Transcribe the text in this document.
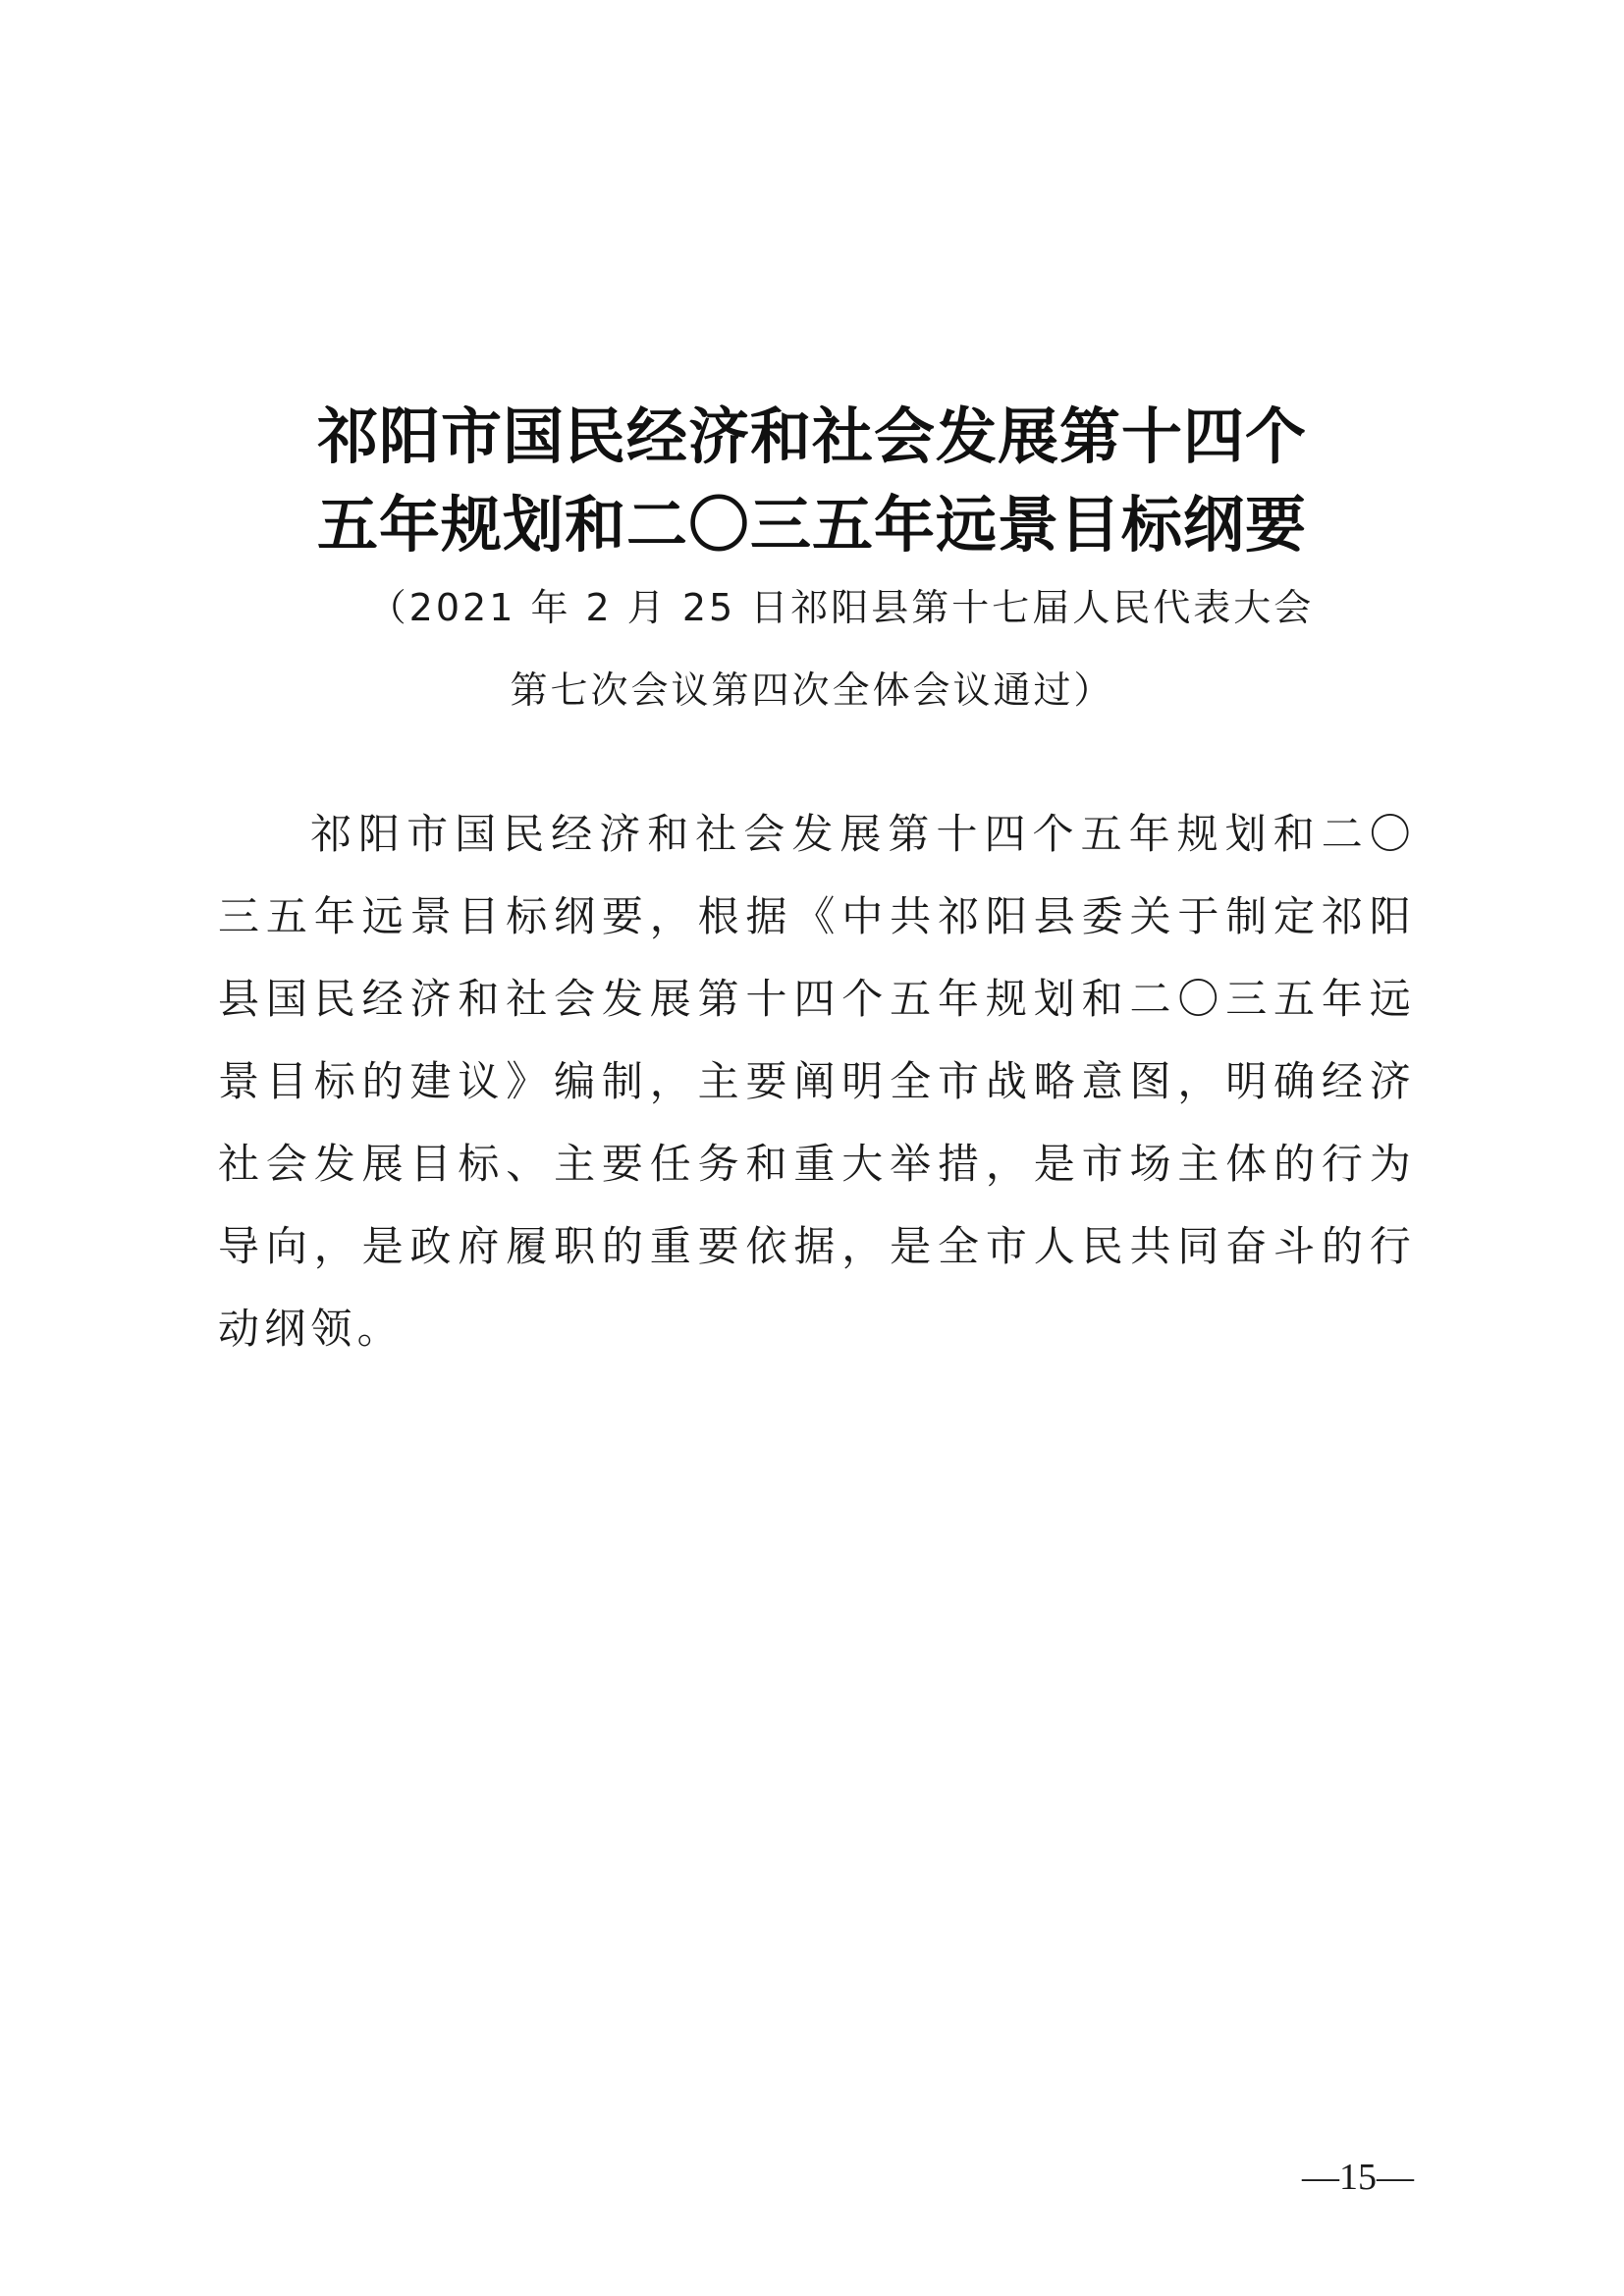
祁阳市国民经济和社会发展第十四个
五年规划和二〇三五年远景目标纲要
（2021 年 2 月 25 日祁阳县第十七届人民代表大会
第七次会议第四次全体会议通过）

祁阳市国民经济和社会发展第十四个五年规划和二〇三五年远景目标纲要，根据《中共祁阳县委关于制定祁阳县国民经济和社会发展第十四个五年规划和二〇三五年远景目标的建议》编制，主要阐明全市战略意图，明确经济社会发展目标、主要任务和重大举措，是市场主体的行为导向，是政府履职的重要依据，是全市人民共同奋斗的行动纲领。

—15—
